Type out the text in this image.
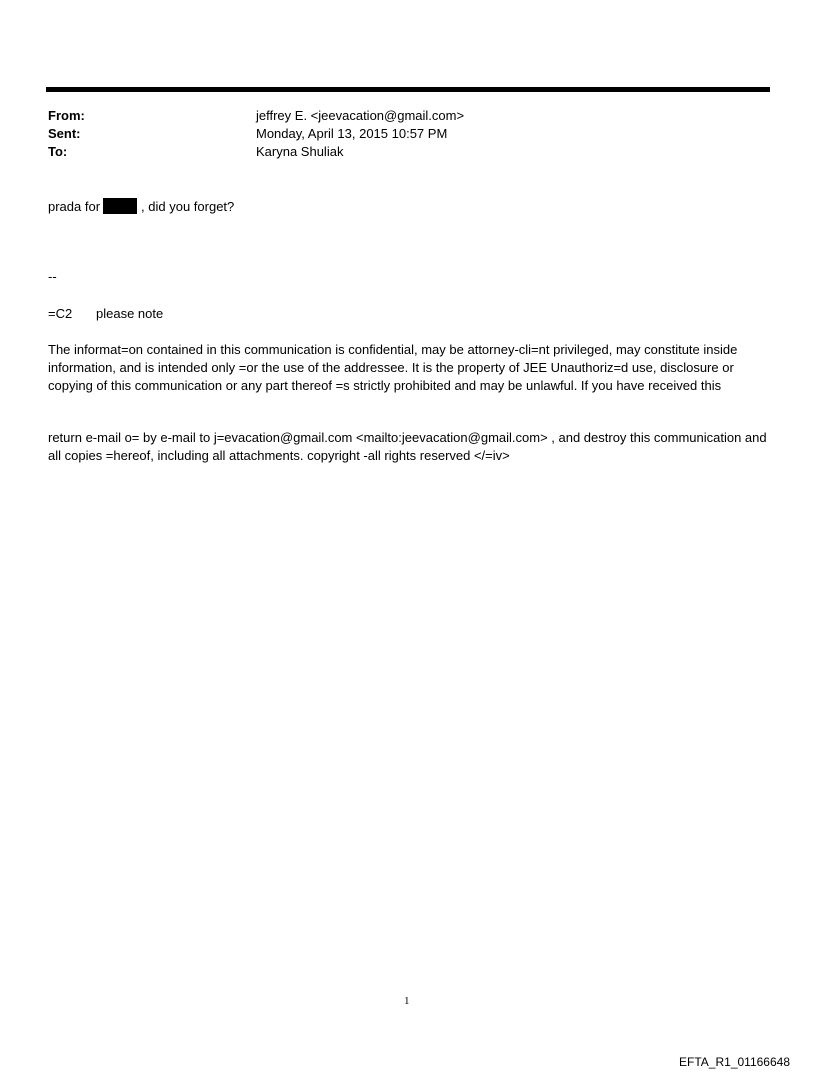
From:	jeffrey E. <jeevacation@gmail.com>
Sent:	Monday, April 13, 2015 10:57 PM
To:	Karyna Shuliak
prada for	, did you forget?
--
=C2 please note
The informat=on contained in this communication is confidential, may be attorney-cli=nt privileged, may constitute inside information, and is intended only =or the use of the addressee. It is the property of JEE Unauthoriz=d use, disclosure or copying of this communication or any part thereof =s strictly prohibited and may be unlawful. If you have received this
return e-mail o= by e-mail to j=evacation@gmail.com <mailto:jeevacation@gmail.com> , and destroy this communication and all copies =hereof, including all attachments. copyright -all rights reserved </=iv>
1
EFTA_R1_01166648
